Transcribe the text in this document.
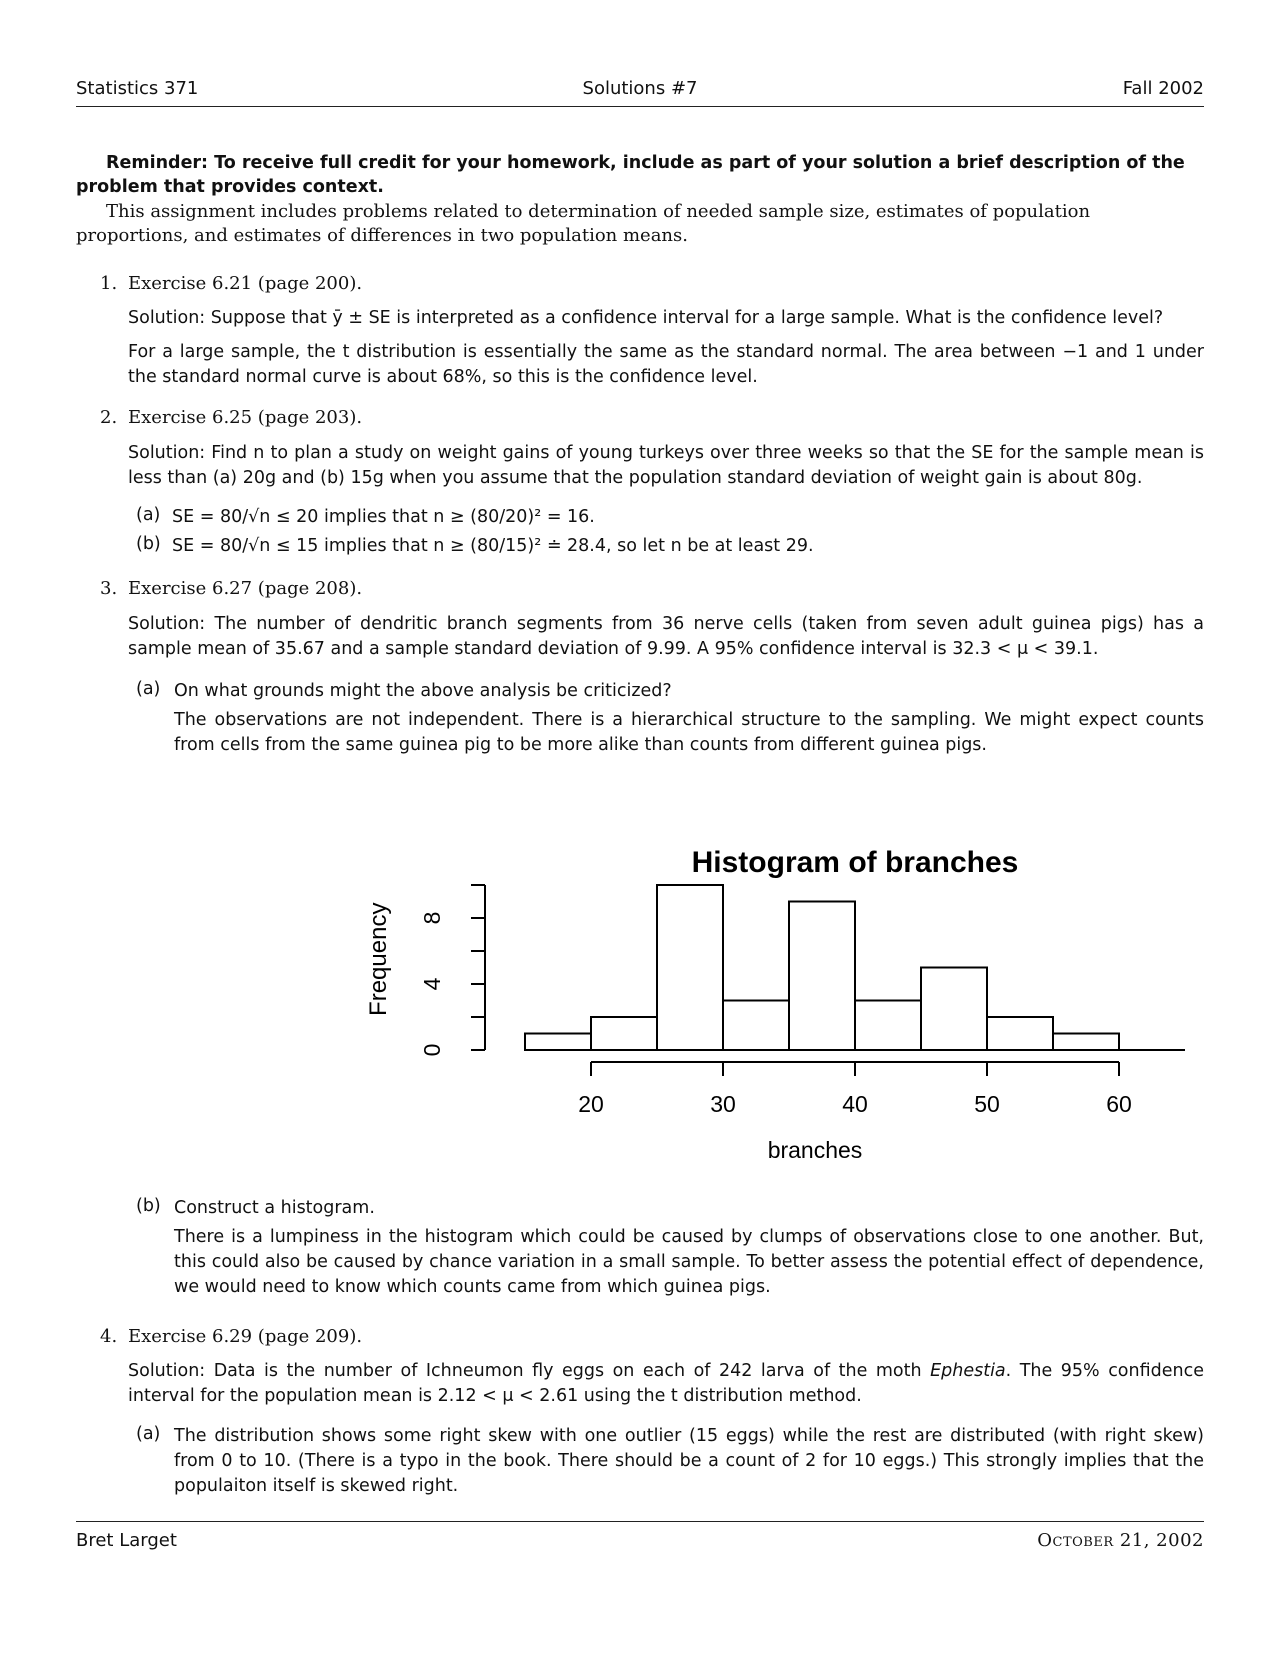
Statistics 371	Solutions #7	Fall 2002
Reminder: To receive full credit for your homework, include as part of your solution a brief description of the problem that provides context.
This assignment includes problems related to determination of needed sample size, estimates of population proportions, and estimates of differences in two population means.
1. Exercise 6.21 (page 200).
Solution: Suppose that ȳ ± SE is interpreted as a confidence interval for a large sample. What is the confidence level?
For a large sample, the t distribution is essentially the same as the standard normal. The area between −1 and 1 under the standard normal curve is about 68%, so this is the confidence level.
2. Exercise 6.25 (page 203).
Solution: Find n to plan a study on weight gains of young turkeys over three weeks so that the SE for the sample mean is less than (a) 20g and (b) 15g when you assume that the population standard deviation of weight gain is about 80g.
(a) SE = 80/√n ≤ 20 implies that n ≥ (80/20)² = 16.
(b) SE = 80/√n ≤ 15 implies that n ≥ (80/15)² ≐ 28.4, so let n be at least 29.
3. Exercise 6.27 (page 208).
Solution: The number of dendritic branch segments from 36 nerve cells (taken from seven adult guinea pigs) has a sample mean of 35.67 and a sample standard deviation of 9.99. A 95% confidence interval is 32.3 < μ < 39.1.
(a) On what grounds might the above analysis be criticized?
The observations are not independent. There is a hierarchical structure to the sampling. We might expect counts from cells from the same guinea pig to be more alike than counts from different guinea pigs.
Histogram of branches
20	30	40	50	60
branches
0
4
8
Frequency
(b) Construct a histogram.
There is a lumpiness in the histogram which could be caused by clumps of observations close to one another. But, this could also be caused by chance variation in a small sample. To better assess the potential effect of dependence, we would need to know which counts came from which guinea pigs.
4. Exercise 6.29 (page 209).
Solution: Data is the number of Ichneumon fly eggs on each of 242 larva of the moth Ephestia. The 95% confidence interval for the population mean is 2.12 < μ < 2.61 using the t distribution method.
(a) The distribution shows some right skew with one outlier (15 eggs) while the rest are distributed (with right skew) from 0 to 10. (There is a typo in the book. There should be a count of 2 for 10 eggs.) This strongly implies that the populaiton itself is skewed right.
Bret Larget	October 21, 2002
